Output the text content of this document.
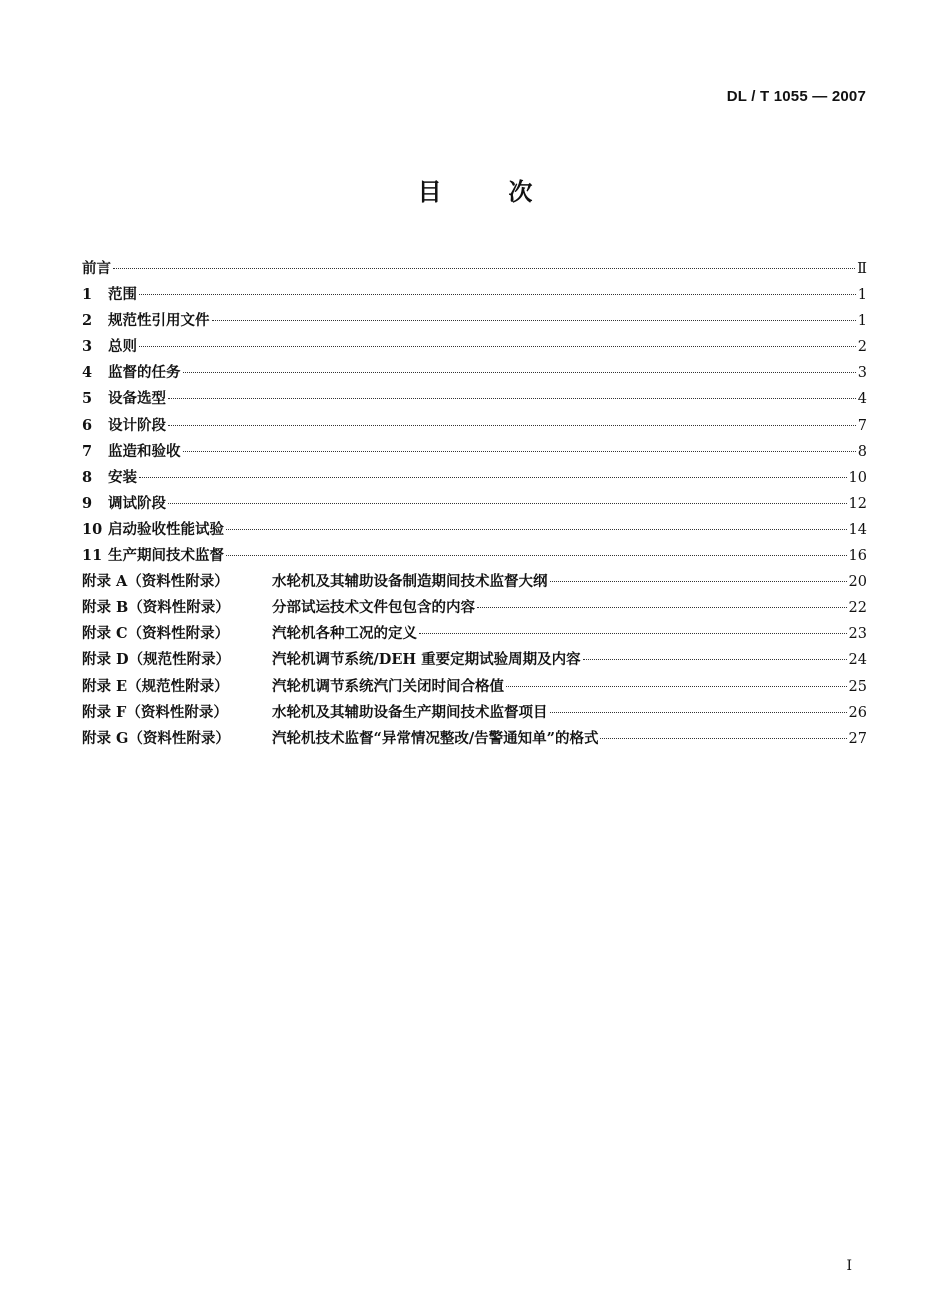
DL / T 1055 — 2007
目        次
前言	Ⅱ
1	范围	1
2	规范性引用文件	1
3	总则	2
4	监督的任务	3
5	设备选型	4
6	设计阶段	7
7	监造和验收	8
8	安装	10
9	调试阶段	12
10 启动验收性能试验	14
11 生产期间技术监督	16
附录 A（资料性附录）	水轮机及其辅助设备制造期间技术监督大纲	20
附录 B（资料性附录）	分部试运技术文件包包含的内容	22
附录 C（资料性附录）	汽轮机各种工况的定义	23
附录 D（规范性附录）	汽轮机调节系统/DEH 重要定期试验周期及内容	24
附录 E（规范性附录）	汽轮机调节系统汽门关闭时间合格值	25
附录 F（资料性附录）	水轮机及其辅助设备生产期间技术监督项目	26
附录 G（资料性附录）	汽轮机技术监督“异常情况整改/告警通知单”的格式	27
I
